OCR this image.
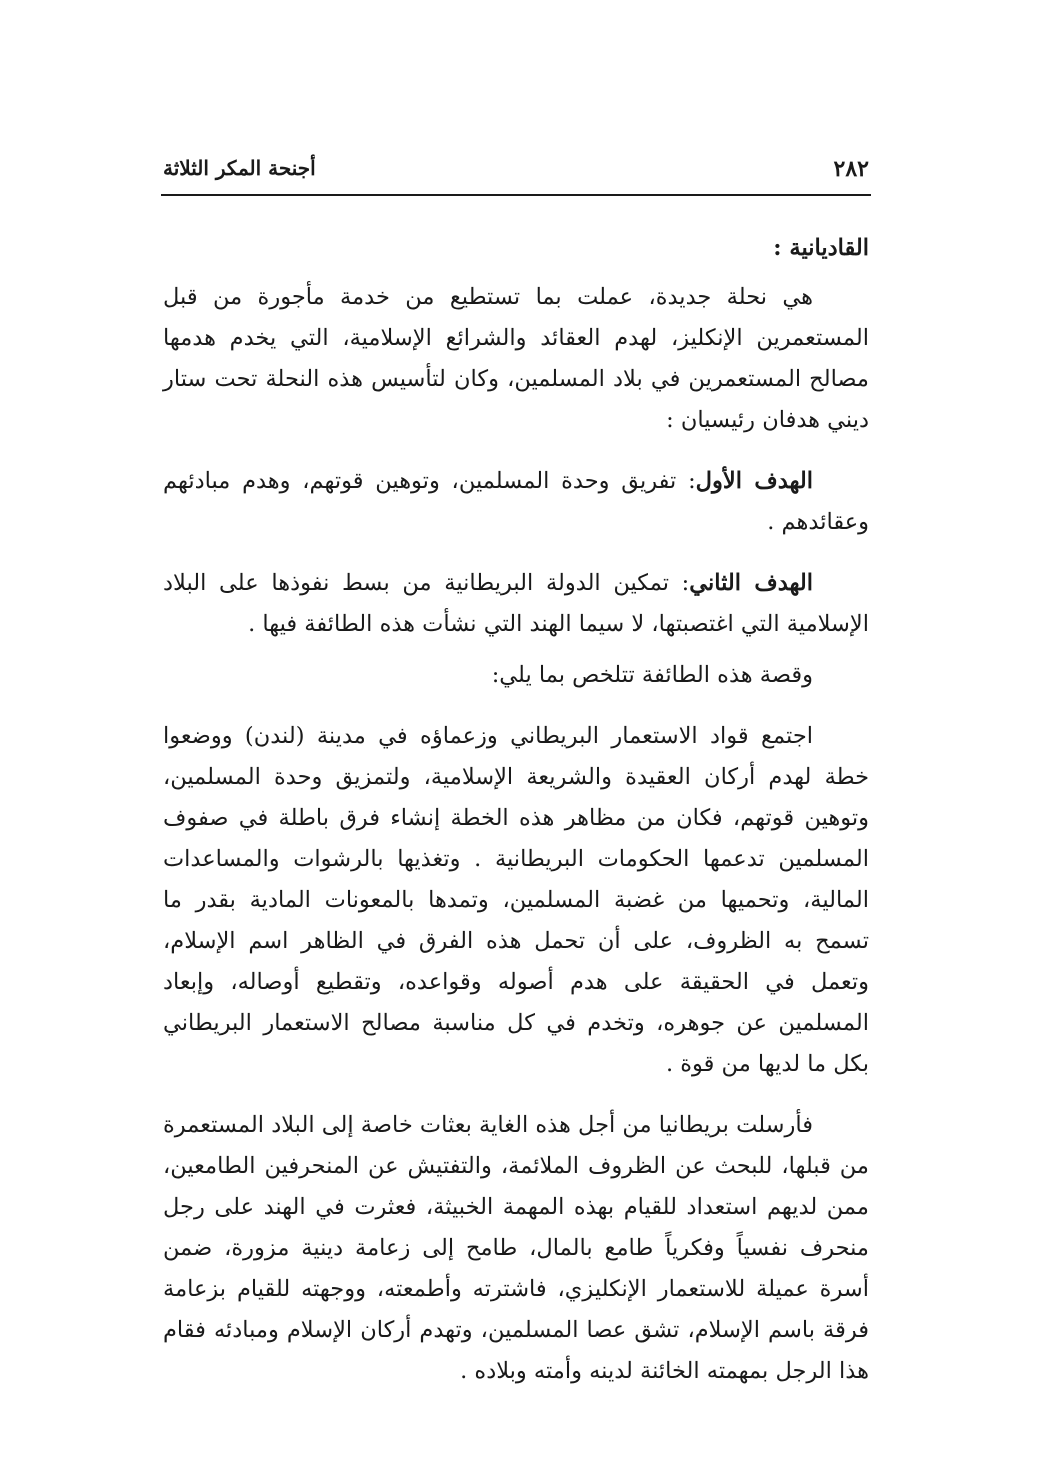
٢٨٢
أجنحة المكر الثلاثة
القاديانية :

هي نحلة جديدة، عملت بما تستطيع من خدمة مأجورة من قبل المستعمرين الإنكليز، لهدم العقائد والشرائع الإسلامية، التي يخدم هدمها مصالح المستعمرين في بلاد المسلمين، وكان لتأسيس هذه النحلة تحت ستار ديني هدفان رئيسيان :

الهدف الأول: تفريق وحدة المسلمين، وتوهين قوتهم، وهدم مبادئهم وعقائدهم .

الهدف الثاني: تمكين الدولة البريطانية من بسط نفوذها على البلاد الإسلامية التي اغتصبتها، لا سيما الهند التي نشأت هذه الطائفة فيها .

وقصة هذه الطائفة تتلخص بما يلي:

اجتمع قواد الاستعمار البريطاني وزعماؤه في مدينة (لندن) ووضعوا خطة لهدم أركان العقيدة والشريعة الإسلامية، ولتمزيق وحدة المسلمين، وتوهين قوتهم، فكان من مظاهر هذه الخطة إنشاء فرق باطلة في صفوف المسلمين تدعمها الحكومات البريطانية . وتغذيها بالرشوات والمساعدات المالية، وتحميها من غضبة المسلمين، وتمدها بالمعونات المادية بقدر ما تسمح به الظروف، على أن تحمل هذه الفرق في الظاهر اسم الإسلام، وتعمل في الحقيقة على هدم أصوله وقواعده، وتقطيع أوصاله، وإبعاد المسلمين عن جوهره، وتخدم في كل مناسبة مصالح الاستعمار البريطاني بكل ما لديها من قوة .

فأرسلت بريطانيا من أجل هذه الغاية بعثات خاصة إلى البلاد المستعمرة من قبلها، للبحث عن الظروف الملائمة، والتفتيش عن المنحرفين الطامعين، ممن لديهم استعداد للقيام بهذه المهمة الخبيثة، فعثرت في الهند على رجل منحرف نفسياً وفكرياً طامع بالمال، طامح إلى زعامة دينية مزورة، ضمن أسرة عميلة للاستعمار الإنكليزي، فاشترته وأطمعته، ووجهته للقيام بزعامة فرقة باسم الإسلام، تشق عصا المسلمين، وتهدم أركان الإسلام ومبادئه فقام هذا الرجل بمهمته الخائنة لدينه وأمته وبلاده .
